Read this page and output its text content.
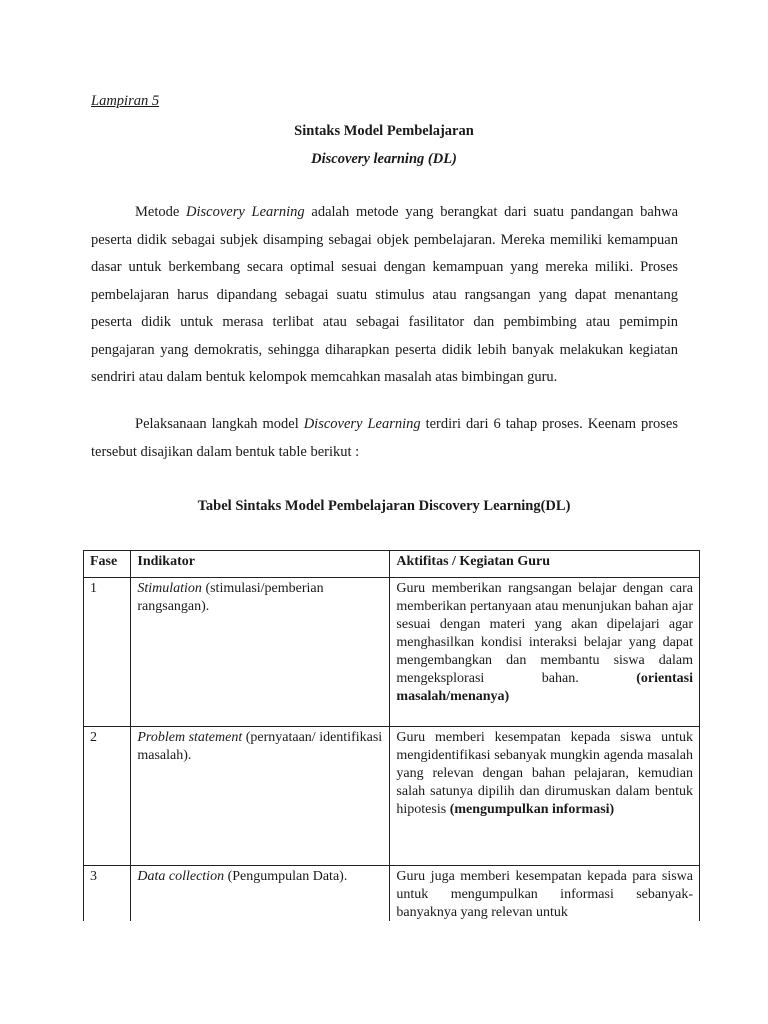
Lampiran 5
Sintaks Model Pembelajaran
Discovery learning (DL)
Metode Discovery Learning adalah metode yang berangkat dari suatu pandangan bahwa peserta didik sebagai subjek disamping sebagai objek pembelajaran. Mereka memiliki kemampuan dasar untuk berkembang secara optimal sesuai dengan kemampuan yang mereka miliki. Proses pembelajaran harus dipandang sebagai suatu stimulus atau rangsangan yang dapat menantang peserta didik untuk merasa terlibat atau sebagai fasilitator dan pembimbing atau pemimpin pengajaran yang demokratis, sehingga diharapkan peserta didik lebih banyak melakukan kegiatan sendriri atau dalam bentuk kelompok memcahkan masalah atas bimbingan guru.
Pelaksanaan langkah model Discovery Learning terdiri dari 6 tahap proses. Keenam proses tersebut disajikan dalam bentuk table berikut :
Tabel Sintaks Model Pembelajaran Discovery Learning(DL)
Fase	Indikator	Aktifitas / Kegiatan Guru
1	Stimulation (stimulasi/pemberian rangsangan).	Guru memberikan rangsangan belajar dengan cara memberikan pertanyaan atau menunjukan bahan ajar sesuai dengan materi yang akan dipelajari agar menghasilkan kondisi interaksi belajar yang dapat mengembangkan dan membantu siswa dalam mengeksplorasi bahan. (orientasi masalah/menanya)
2	Problem statement (pernyataan/ identifikasi masalah).	Guru memberi kesempatan kepada siswa untuk mengidentifikasi sebanyak mungkin agenda masalah yang relevan dengan bahan pelajaran, kemudian salah satunya dipilih dan dirumuskan dalam bentuk hipotesis (mengumpulkan informasi)
3	Data collection (Pengumpulan Data).	Guru juga memberi kesempatan kepada para siswa untuk mengumpulkan informasi sebanyak-banyaknya yang relevan untuk
